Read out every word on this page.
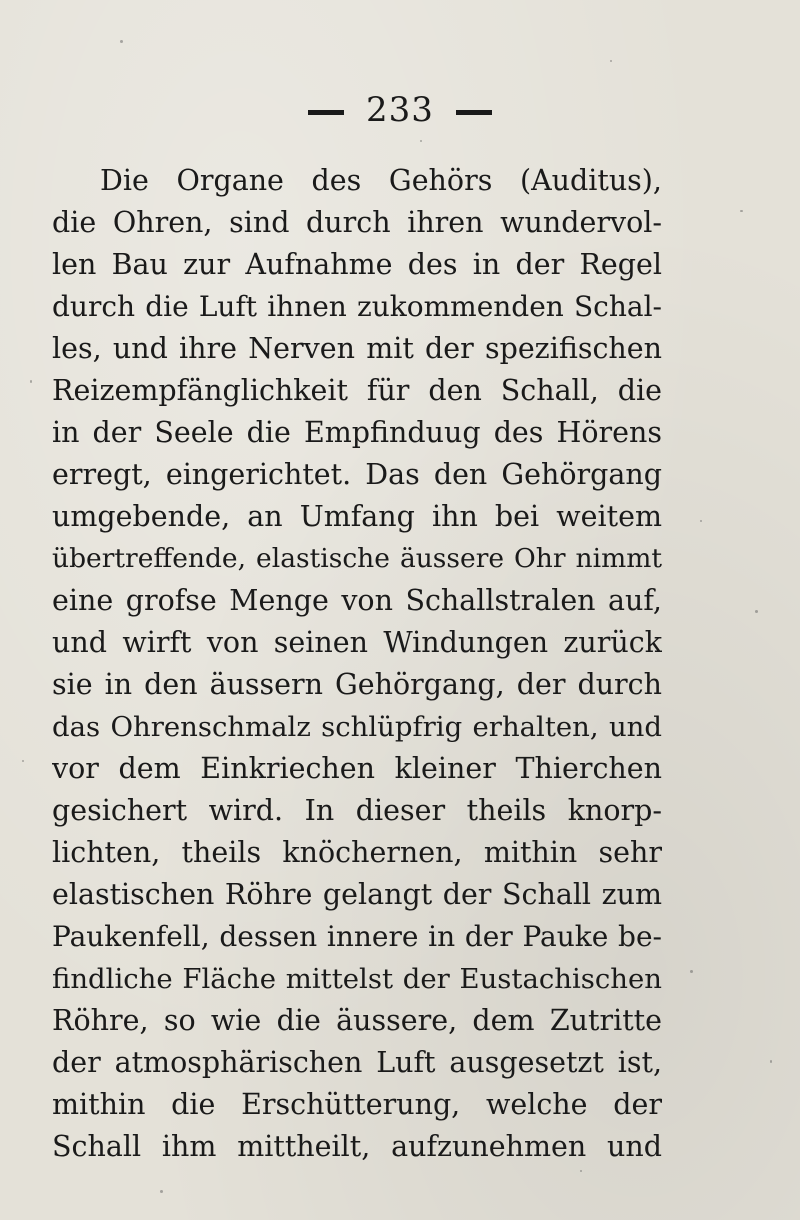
233
Die Organe des Gehörs (Auditus),
die Ohren, sind durch ihren wundervol-
len Bau zur Aufnahme des in der Regel
durch die Luft ihnen zukommenden Schal-
les, und ihre Nerven mit der spezifischen
Reizempfänglichkeit für den Schall, die
in der Seele die Empfinduug des Hörens
erregt, eingerichtet. Das den Gehörgang
umgebende, an Umfang ihn bei weitem
übertreffende, elastische äussere Ohr nimmt
eine grofse Menge von Schallstralen auf,
und wirft von seinen Windungen zurück
sie in den äussern Gehörgang, der durch
das Ohrenschmalz schlüpfrig erhalten, und
vor dem Einkriechen kleiner Thierchen
gesichert wird. In dieser theils knorp-
lichten, theils knöchernen, mithin sehr
elastischen Röhre gelangt der Schall zum
Paukenfell, dessen innere in der Pauke be-
findliche Fläche mittelst der Eustachischen
Röhre, so wie die äussere, dem Zutritte
der atmosphärischen Luft ausgesetzt ist,
mithin die Erschütterung, welche der
Schall ihm mittheilt, aufzunehmen und
